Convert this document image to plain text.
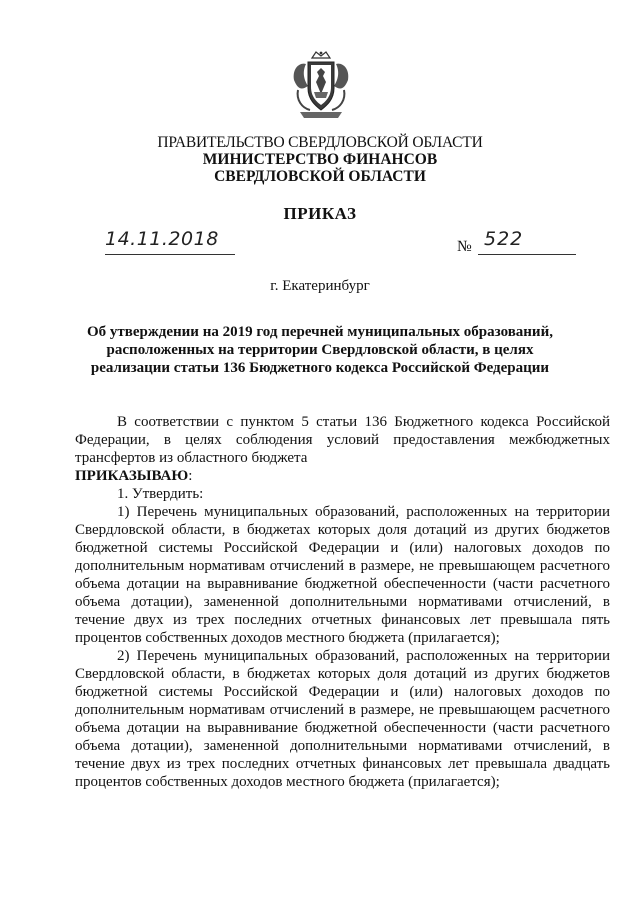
ПРАВИТЕЛЬСТВО СВЕРДЛОВСКОЙ ОБЛАСТИ
МИНИСТЕРСТВО ФИНАНСОВ
СВЕРДЛОВСКОЙ ОБЛАСТИ
ПРИКАЗ
14.11.2018	№ 522
г. Екатеринбург
Об утверждении на 2019 год перечней муниципальных образований, расположенных на территории Свердловской области, в целях реализации статьи 136 Бюджетного кодекса Российской Федерации

В соответствии с пунктом 5 статьи 136 Бюджетного кодекса Российской Федерации, в целях соблюдения условий предоставления межбюджетных трансфертов из областного бюджета

ПРИКАЗЫВАЮ:

1. Утвердить:

1) Перечень муниципальных образований, расположенных на территории Свердловской области, в бюджетах которых доля дотаций из других бюджетов бюджетной системы Российской Федерации и (или) налоговых доходов по дополнительным нормативам отчислений в размере, не превышающем расчетного объема дотации на выравнивание бюджетной обеспеченности (части расчетного объема дотации), замененной дополнительными нормативами отчислений, в течение двух из трех последних отчетных финансовых лет превышала пять процентов собственных доходов местного бюджета (прилагается);

2) Перечень муниципальных образований, расположенных на территории Свердловской области, в бюджетах которых доля дотаций из других бюджетов бюджетной системы Российской Федерации и (или) налоговых доходов по дополнительным нормативам отчислений в размере, не превышающем расчетного объема дотации на выравнивание бюджетной обеспеченности (части расчетного объема дотации), замененной дополнительными нормативами отчислений, в течение двух из трех последних отчетных финансовых лет превышала двадцать процентов собственных доходов местного бюджета (прилагается);
